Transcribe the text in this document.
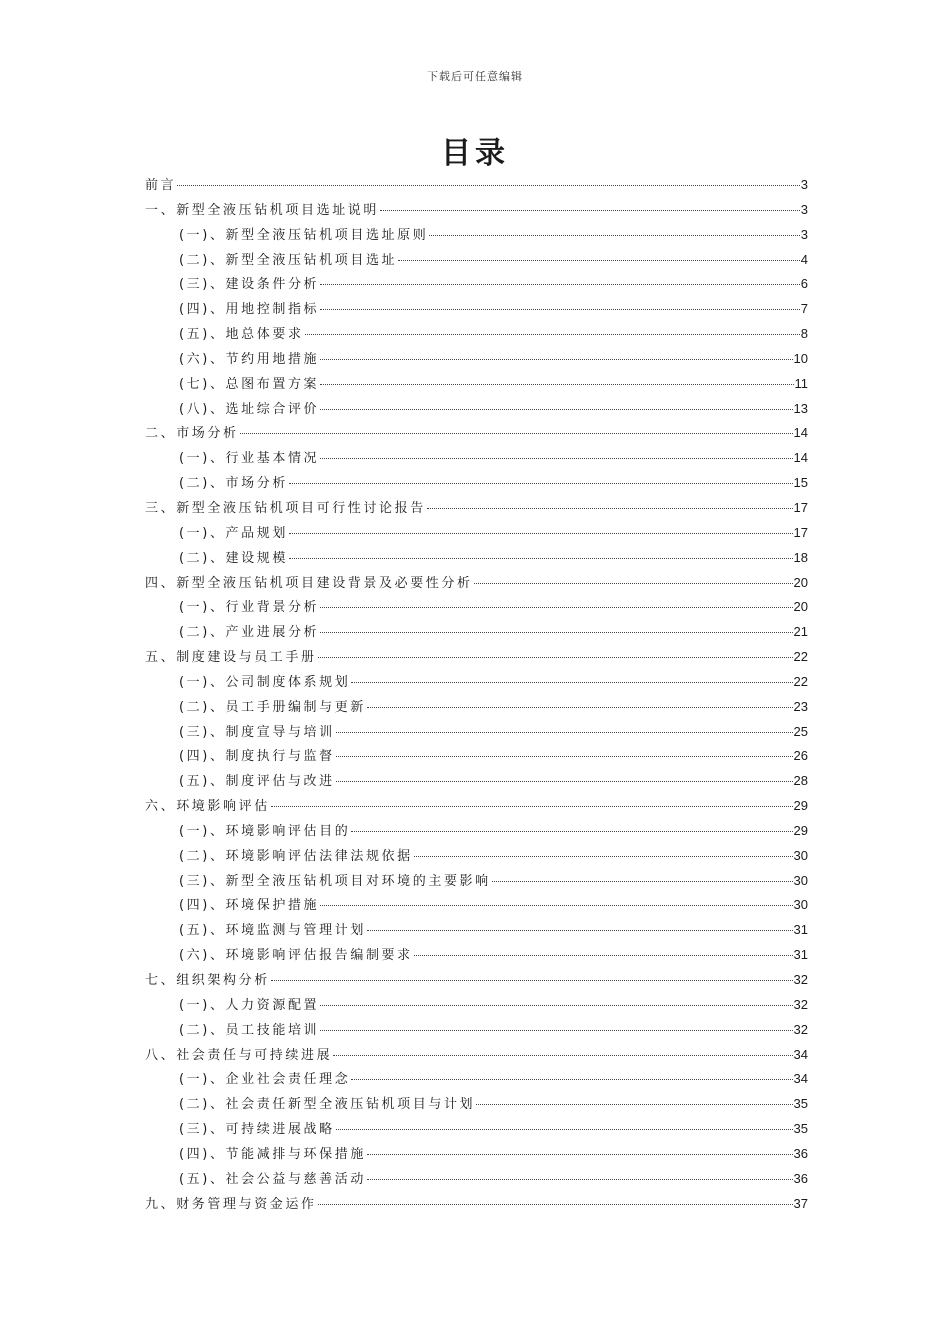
下载后可任意编辑
目录
前言	3
一、新型全液压钻机项目选址说明	3
(一)、新型全液压钻机项目选址原则	3
(二)、新型全液压钻机项目选址	4
(三)、建设条件分析	6
(四)、用地控制指标	7
(五)、地总体要求	8
(六)、节约用地措施	10
(七)、总图布置方案	11
(八)、选址综合评价	13
二、市场分析	14
(一)、行业基本情况	14
(二)、市场分析	15
三、新型全液压钻机项目可行性讨论报告	17
(一)、产品规划	17
(二)、建设规模	18
四、新型全液压钻机项目建设背景及必要性分析	20
(一)、行业背景分析	20
(二)、产业进展分析	21
五、制度建设与员工手册	22
(一)、公司制度体系规划	22
(二)、员工手册编制与更新	23
(三)、制度宣导与培训	25
(四)、制度执行与监督	26
(五)、制度评估与改进	28
六、环境影响评估	29
(一)、环境影响评估目的	29
(二)、环境影响评估法律法规依据	30
(三)、新型全液压钻机项目对环境的主要影响	30
(四)、环境保护措施	30
(五)、环境监测与管理计划	31
(六)、环境影响评估报告编制要求	31
七、组织架构分析	32
(一)、人力资源配置	32
(二)、员工技能培训	32
八、社会责任与可持续进展	34
(一)、企业社会责任理念	34
(二)、社会责任新型全液压钻机项目与计划	35
(三)、可持续进展战略	35
(四)、节能减排与环保措施	36
(五)、社会公益与慈善活动	36
九、财务管理与资金运作	37
